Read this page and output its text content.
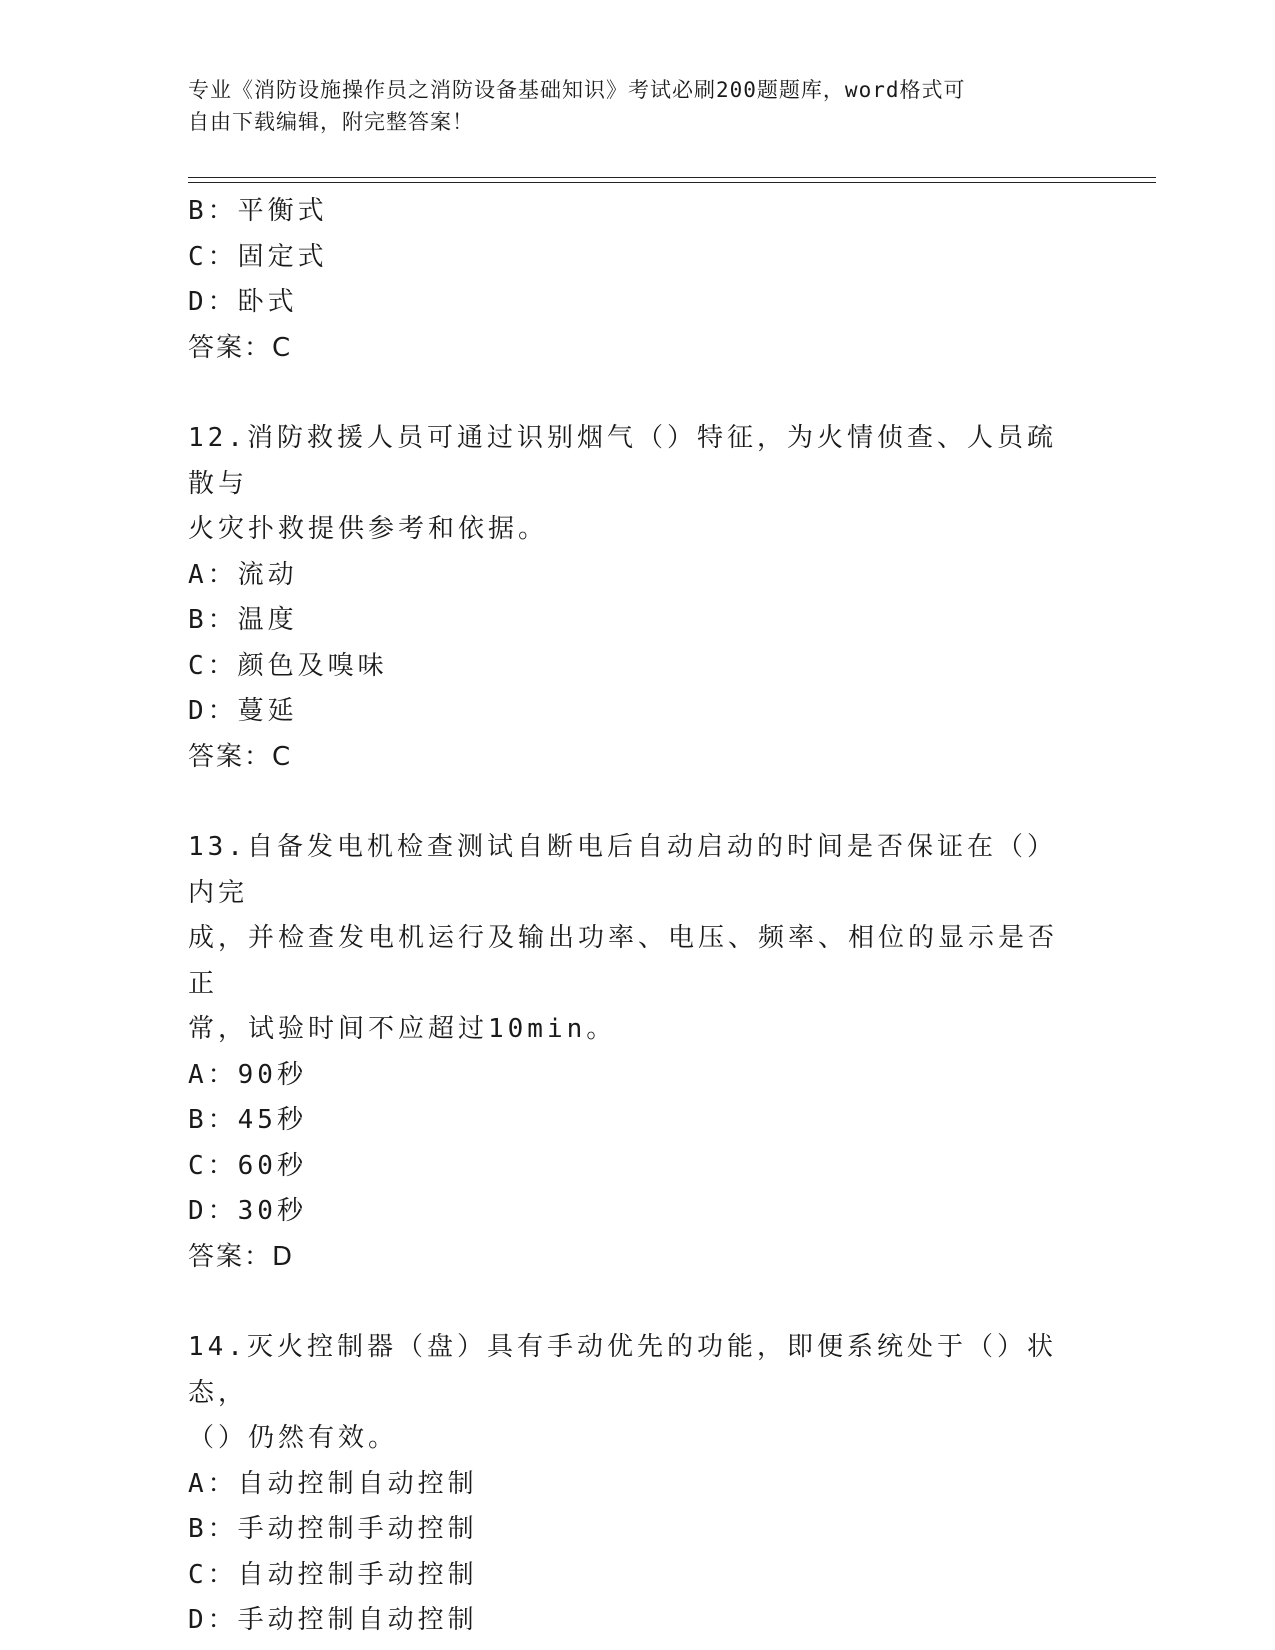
专业《消防设施操作员之消防设备基础知识》考试必刷200题题库，word格式可
自由下载编辑，附完整答案！
B：平衡式
C：固定式
D：卧式
答案：C
12.消防救援人员可通过识别烟气（）特征，为火情侦查、人员疏散与
火灾扑救提供参考和依据。
A：流动
B：温度
C：颜色及嗅味
D：蔓延
答案：C
13.自备发电机检查测试自断电后自动启动的时间是否保证在（）内完
成，并检查发电机运行及输出功率、电压、频率、相位的显示是否正
常，试验时间不应超过10min。
A：90秒
B：45秒
C：60秒
D：30秒
答案：D
14.灭火控制器（盘）具有手动优先的功能，即便系统处于（）状态，
（）仍然有效。
A：自动控制自动控制
B：手动控制手动控制
C：自动控制手动控制
D：手动控制自动控制
